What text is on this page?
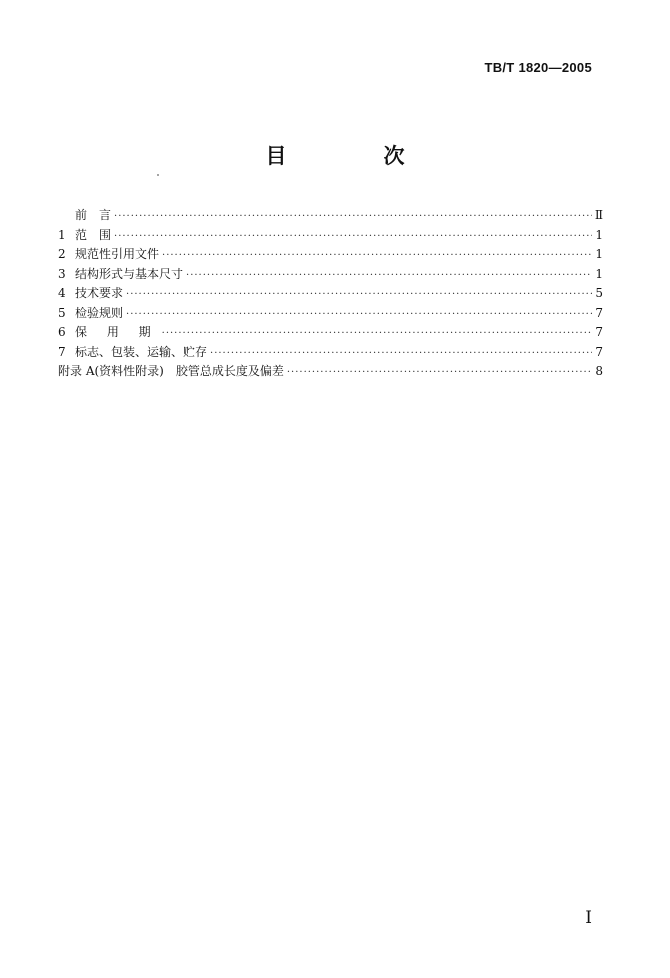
TB/T 1820—2005
目　次
前　言 ·····	Ⅱ
1 范　围 ·····	1
2 规范性引用文件 ·····	1
3 结构形式与基本尺寸 ·····	1
4 技术要求 ·····	5
5 检验规则 ·····	7
6 保 用 期 ·····	7
7 标志、包装、运输、贮存 ·····	7
附录 A(资料性附录)　胶管总成长度及偏差 ·····	8
I
